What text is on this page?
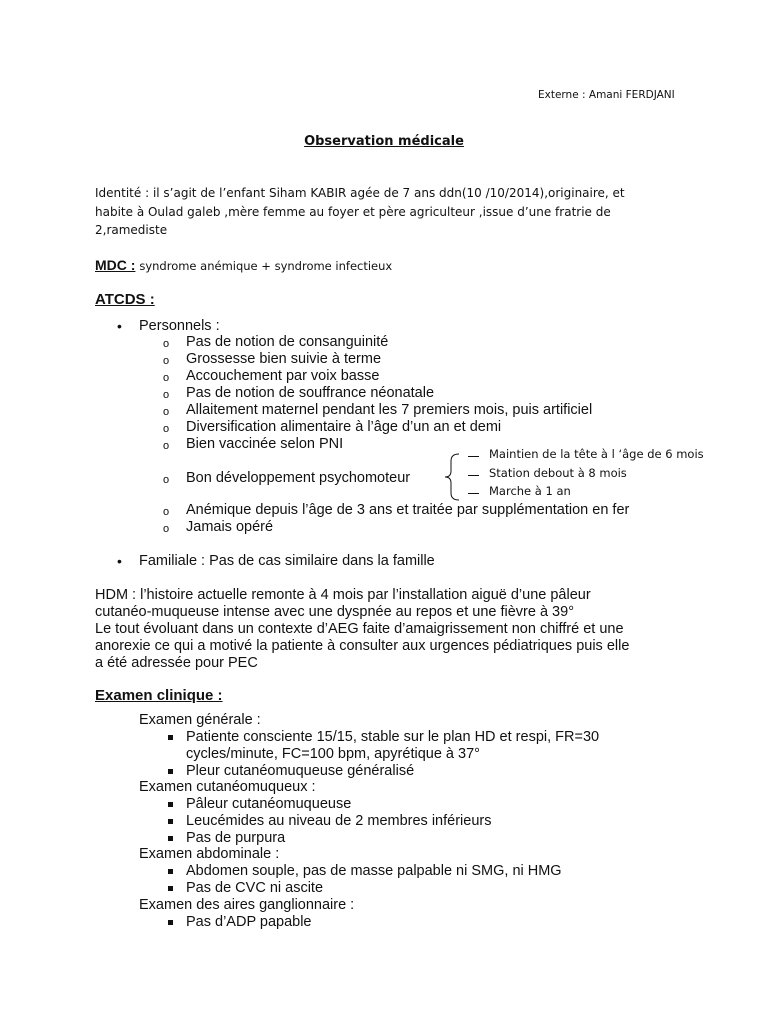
Externe : Amani FERDJANI
Observation médicale
Identité : il s’agit de l’enfant Siham KABIR agée de 7 ans ddn(10 /10/2014),originaire, et
habite à Oulad galeb ,mère femme au foyer et père agriculteur ,issue d’une fratrie de
2,ramediste
MDC : syndrome anémique + syndrome infectieux
ATCDS :
• Personnels :
o Pas de notion de consanguinité
o Grossesse bien suivie à terme
o Accouchement par voix basse
o Pas de notion de souffrance néonatale
o Allaitement maternel pendant les 7 premiers mois, puis artificiel
o Diversification alimentaire à l’âge d’un an et demi
o Bien vaccinée selon PNI
o Bon développement psychomoteur
Maintien de la tête à l ‘âge de 6 mois
Station debout à 8 mois
Marche à 1 an
o Anémique depuis l’âge de 3 ans et traitée par supplémentation en fer
o Jamais opéré
• Familiale : Pas de cas similaire dans la famille
HDM : l’histoire actuelle remonte à 4 mois par l’installation aiguë d’une pâleur
cutanéo-muqueuse intense avec une dyspnée au repos et une fièvre à 39°
Le tout évoluant dans un contexte d’AEG faite d’amaigrissement non chiffré et une
anorexie ce qui a motivé la patiente à consulter aux urgences pédiatriques puis elle
a été adressée pour PEC
Examen clinique :
Examen générale :
Patiente consciente 15/15, stable sur le plan HD et respi, FR=30
cycles/minute, FC=100 bpm, apyrétique à 37°
Pleur cutanéomuqueuse généralisé
Examen cutanéomuqueux :
Pâleur cutanéomuqueuse
Leucémides au niveau de 2 membres inférieurs
Pas de purpura
Examen abdominale :
Abdomen souple, pas de masse palpable ni SMG, ni HMG
Pas de CVC ni ascite
Examen des aires ganglionnaire :
Pas d’ADP papable
